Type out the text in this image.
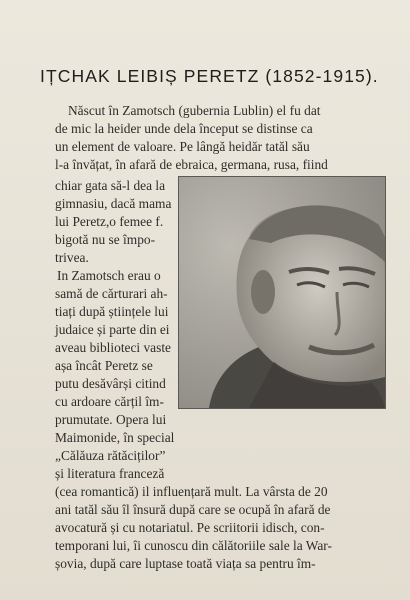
IȚCHAK LEIBIȘ PERETZ (1852-1915).
Născut în Zamotsch (gubernia Lublin) el fu dat
de mic la heider unde dela început se distinse ca
un element de valoare. Pe lângă heidăr tatăl său
l-a învățat, în afară de ebraica, germana, rusa, fiind
chiar gata să-l dea la
gimnasiu, dacă mama
lui Peretz,o femee f.
bigotă nu se împo-
trivea.
In Zamotsch erau o
samă de cărturari ah-
tiați după științele lui
judaice și parte din ei
aveau biblioteci vaste
așa încât Peretz se
putu desăvârși citind
cu ardoare cărțil îm-
prumutate. Opera lui
Maimonide, în special
„Călăuza rătăciților”
și literatura franceză
(cea romantică) il influențară mult. La vârsta de 20
ani tatăl său îl însură după care se ocupă în afară de
avocatură și cu notariatul. Pe scriitorii idisch, con-
temporani lui, îi cunoscu din călătoriile sale la War-
șovia, după care luptase toată viața sa pentru îm-
